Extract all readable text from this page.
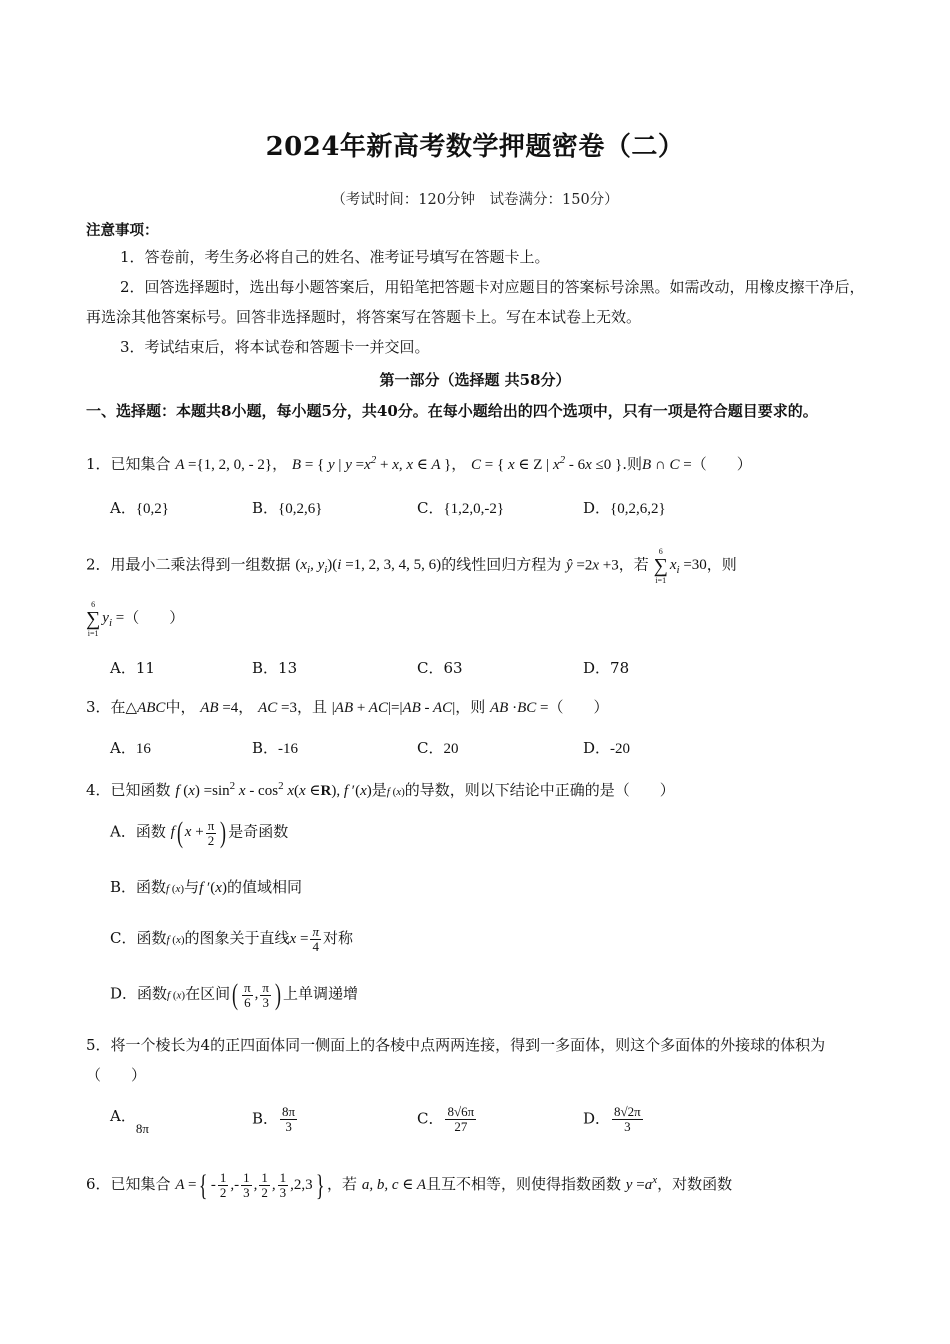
2024年新高考数学押题密卷（二）
（考试时间：120分钟　试卷满分：150分）
注意事项：
1．答卷前，考生务必将自己的姓名、准考证号填写在答题卡上。
2．回答选择题时，选出每小题答案后，用铅笔把答题卡对应题目的答案标号涂黑。如需改动，用橡皮擦干净后，再选涂其他答案标号。回答非选择题时，将答案写在答题卡上。写在本试卷上无效。
3．考试结束后，将本试卷和答题卡一并交回。
第一部分（选择题 共58分）
一、选择题：本题共8小题，每小题5分，共40分。在每小题给出的四个选项中，只有一项是符合题目要求的。
1．已知集合 A ={1, 2, 0, - 2}， B = { y | $y =x^2 + x$, x ∈ A }， C = { x ∈ Z | $x^2 - 6x \le 0$ }.则B ∩ C =（　　）
A．{0,2}	B．{0,2,6}	C．{1,2,0,-2}	D．{0,2,6,2}
2．用最小二乘法得到一组数据 ($x_i$, $y_i)(i =1$, 2, 3, 4, 5, 6)的线性回归方程为 ŷ =2x +3，若
6
∑
i=1
$x_i =30$，则
6
∑
i=1
$y_i$ =（　　）
A．11	B．13	C．63	D．78
3．在△ABC中， AB =4， AC =3，且 |AB + AC|=|AB - AC|，则 AB ·BC =（　　）
A．16	B．-16	C．20	D．-20
4．已知函数 f $(x) =\sin^2$ x - $\cos^2 x(x$ ∈R), f ′(x)是f (x)的导数，则以下结论中正确的是（　　）
A．函数 f( $x + \frac{\pi}{2}$ ) 是奇函数
B．函数f (x)与f ′(x)的值域相同
C．函数f (x)的图象关于直线$x = \frac{\pi}{4}$ 对称
D．函数f (x)在区间( $\frac{\pi}{6}$ , $\frac{\pi}{3}$ ) 上单调递增
5．将一个棱长为4的正四面体同一侧面上的各棱中点两两连接，得到一多面体，则这个多面体的外接球的体积为（　　）
A．8π
B． $\frac{8\pi}{3}$	C． $\frac{8√6\pi}{27}$	D． $\frac{8√2\pi}{3}$
6．已知集合 A ={ - $\frac{1}{2}$ ,- $\frac{1}{3}$ , $\frac{1}{2}$ , $\frac{1}{3} ,2,3$} ，若 a, b, c ∈ A且互不相等，则使得指数函数 $y =a^x$，对数函数
